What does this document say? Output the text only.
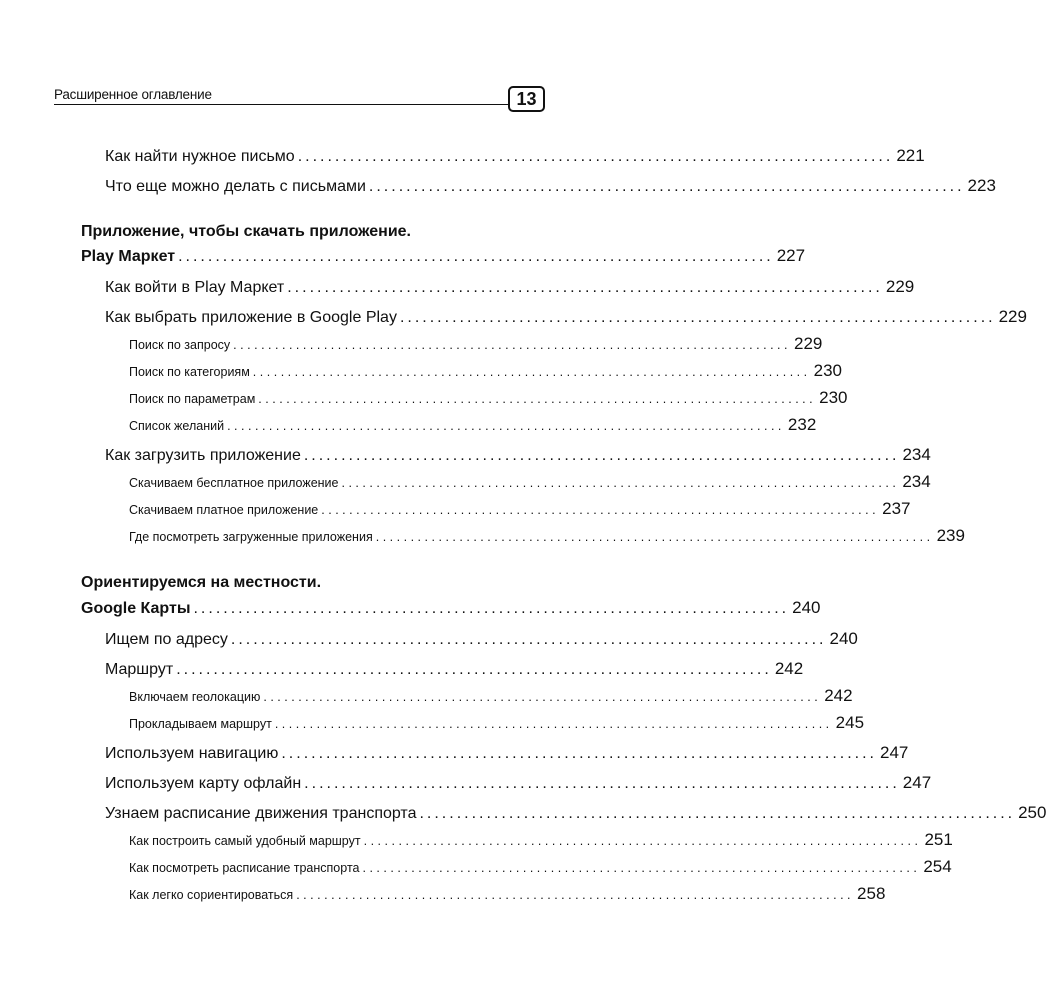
Расширенное оглавление	13
Как найти нужное письмо ................................................................................ 221
Что еще можно делать с письмами ................................................................................ 223
Приложение, чтобы скачать приложение.
Play Маркет ................................................................................ 227
Как войти в Play Маркет ................................................................................ 229
Как выбрать приложение в Google Play ................................................................................ 229
Поиск по запросу ................................................................................ 229
Поиск по категориям ................................................................................ 230
Поиск по параметрам ................................................................................ 230
Список желаний ................................................................................ 232
Как загрузить приложение ................................................................................ 234
Скачиваем бесплатное приложение ................................................................................ 234
Скачиваем платное приложение ................................................................................ 237
Где посмотреть загруженные приложения ................................................................................ 239
Ориентируемся на местности.
Google Карты ................................................................................ 240
Ищем по адресу ................................................................................ 240
Маршрут ................................................................................ 242
Включаем геолокацию ................................................................................ 242
Прокладываем маршрут ................................................................................ 245
Используем навигацию ................................................................................ 247
Используем карту офлайн ................................................................................ 247
Узнаем расписание движения транспорта ................................................................................ 250
Как построить самый удобный маршрут ................................................................................ 251
Как посмотреть расписание транспорта ................................................................................ 254
Как легко сориентироваться ................................................................................ 258
